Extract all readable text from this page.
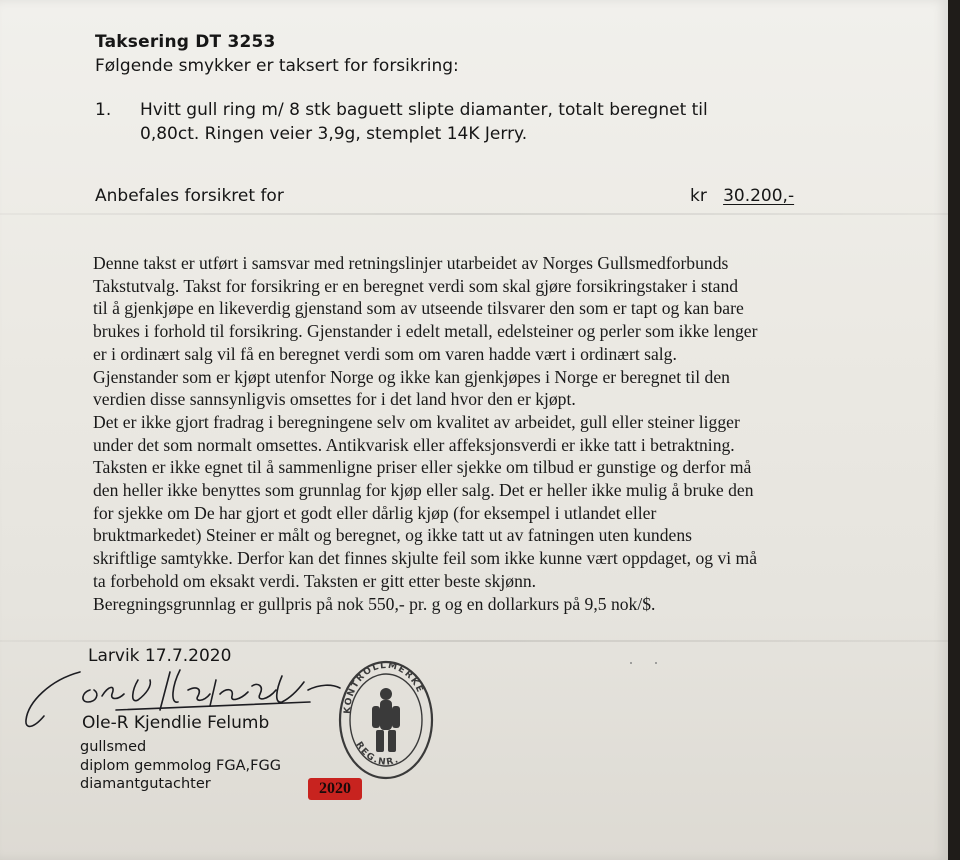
Taksering DT 3253
Følgende smykker er taksert for forsikring:
1. Hvitt gull ring m/ 8 stk baguett slipte diamanter, totalt beregnet til
0,80ct. Ringen veier 3,9g, stemplet 14K Jerry.
Anbefales forsikret for	kr 30.200,-
Denne takst er utført i samsvar med retningslinjer utarbeidet av Norges Gullsmedforbunds
Takstutvalg. Takst for forsikring er en beregnet verdi som skal gjøre forsikringstaker i stand
til å gjenkjøpe en likeverdig gjenstand som av utseende tilsvarer den som er tapt og kan bare
brukes i forhold til forsikring. Gjenstander i edelt metall, edelsteiner og perler som ikke lenger
er i ordinært salg vil få en beregnet verdi som om varen hadde vært i ordinært salg.
Gjenstander som er kjøpt utenfor Norge og ikke kan gjenkjøpes i Norge er beregnet til den
verdien disse sannsynligvis omsettes for i det land hvor den er kjøpt.
Det er ikke gjort fradrag i beregningene selv om kvalitet av arbeidet, gull eller steiner ligger
under det som normalt omsettes. Antikvarisk eller affeksjonsverdi er ikke tatt i betraktning.
Taksten er ikke egnet til å sammenligne priser eller sjekke om tilbud er gunstige og derfor må
den heller ikke benyttes som grunnlag for kjøp eller salg. Det er heller ikke mulig å bruke den
for sjekke om De har gjort et godt eller dårlig kjøp (for eksempel i utlandet eller
bruktmarkedet) Steiner er målt og beregnet, og ikke tatt ut av fatningen uten kundens
skriftlige samtykke. Derfor kan det finnes skjulte feil som ikke kunne vært oppdaget, og vi må
ta forbehold om eksakt verdi. Taksten er gitt etter beste skjønn.
Beregningsgrunnlag er gullpris på nok 550,- pr. g og en dollarkurs på 9,5 nok/$.
Larvik 17.7.2020
Ole-R Kjendlie Felumb
gullsmed
diplom gemmolog FGA,FGG
diamantgutachter
KONTROLLMERKE
REG.NR.
2020
